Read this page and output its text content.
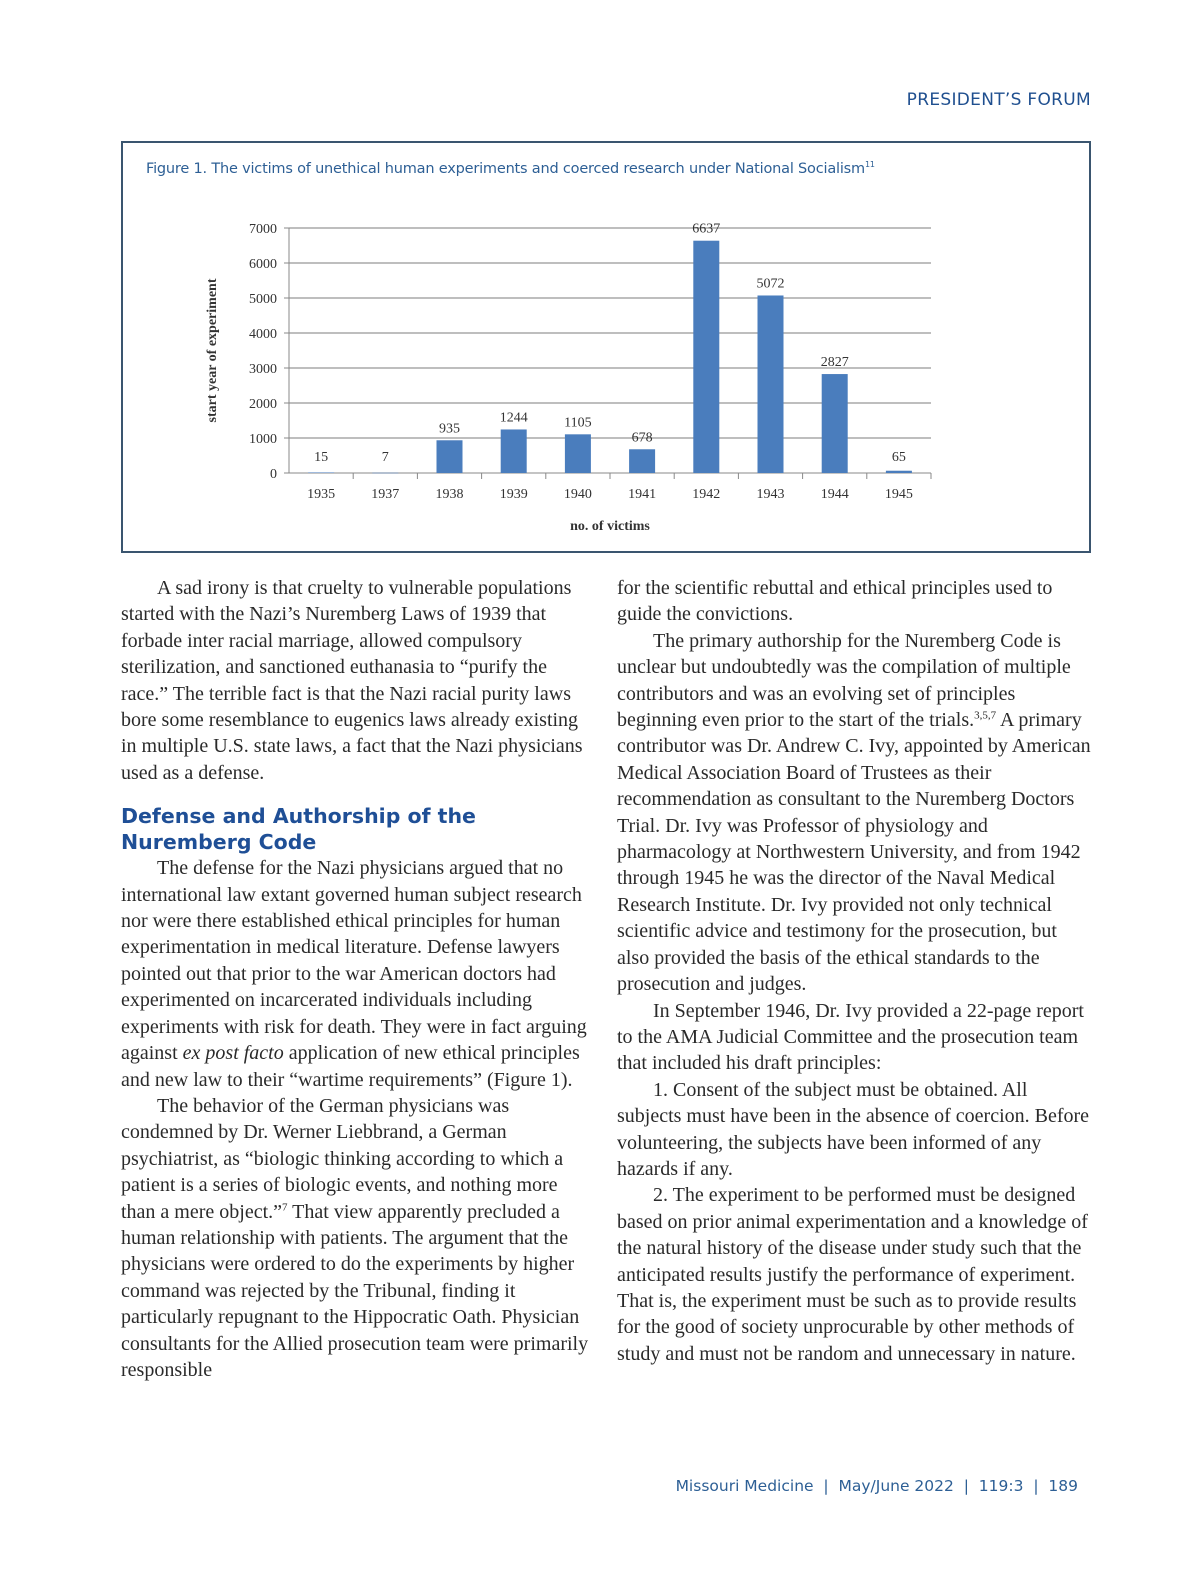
PRESIDENT’S FORUM
Figure 1. The victims of unethical human experiments and coerced research under National Socialism$^{11}$
0
1000
2000
3000
4000
5000
6000
7000
15
1935
7
1937
935
1938
1244
1939
1105
1940
678
1941
6637
1942
5072
1943
2827
1944
65
1945
no. of victims
start year of experiment

A sad irony is that cruelty to vulnerable populations started with the Nazi’s Nuremberg Laws of 1939 that forbade inter racial marriage, allowed compulsory sterilization, and sanctioned euthanasia to “purify the race.” The terrible fact is that the Nazi racial purity laws bore some resemblance to eugenics laws already existing in multiple U.S. state laws, a fact that the Nazi physicians used as a defense.

Defense and Authorship of the Nuremberg Code

The defense for the Nazi physicians argued that no international law extant governed human subject research nor were there established ethical principles for human experimentation in medical literature. Defense lawyers pointed out that prior to the war American doctors had experimented on incarcerated individuals including experiments with risk for death. They were in fact arguing against ex post facto application of new ethical principles and new law to their “wartime requirements” (Figure 1).

The behavior of the German physicians was condemned by Dr. Werner Liebbrand, a German psychiatrist, as “biologic thinking according to which a patient is a series of biologic events, and nothing more than a mere object.”$^7$ That view apparently precluded a human relationship with patients. The argument that the physicians were ordered to do the experiments by higher command was rejected by the Tribunal, finding it particularly repugnant to the Hippocratic Oath. Physician consultants for the Allied prosecution team were primarily responsible

for the scientific rebuttal and ethical principles used to guide the convictions.

The primary authorship for the Nuremberg Code is unclear but undoubtedly was the compilation of multiple contributors and was an evolving set of principles beginning even prior to the start of the trials.$^{3,5,7}$ A primary contributor was Dr. Andrew C. Ivy, appointed by American Medical Association Board of Trustees as their recommendation as consultant to the Nuremberg Doctors Trial. Dr. Ivy was Professor of physiology and pharmacology at Northwestern University, and from 1942 through 1945 he was the director of the Naval Medical Research Institute. Dr. Ivy provided not only technical scientific advice and testimony for the prosecution, but also provided the basis of the ethical standards to the prosecution and judges.

In September 1946, Dr. Ivy provided a 22-page report to the AMA Judicial Committee and the prosecution team that included his draft principles:

1. Consent of the subject must be obtained. All subjects must have been in the absence of coercion. Before volunteering, the subjects have been informed of any hazards if any.

2. The experiment to be performed must be designed based on prior animal experimentation and a knowledge of the natural history of the disease under study such that the anticipated results justify the performance of experiment. That is, the experiment must be such as to provide results for the good of society unprocurable by other methods of study and must not be random and unnecessary in nature.

Missouri Medicine  |  May/June 2022  |  119:3  |  189
